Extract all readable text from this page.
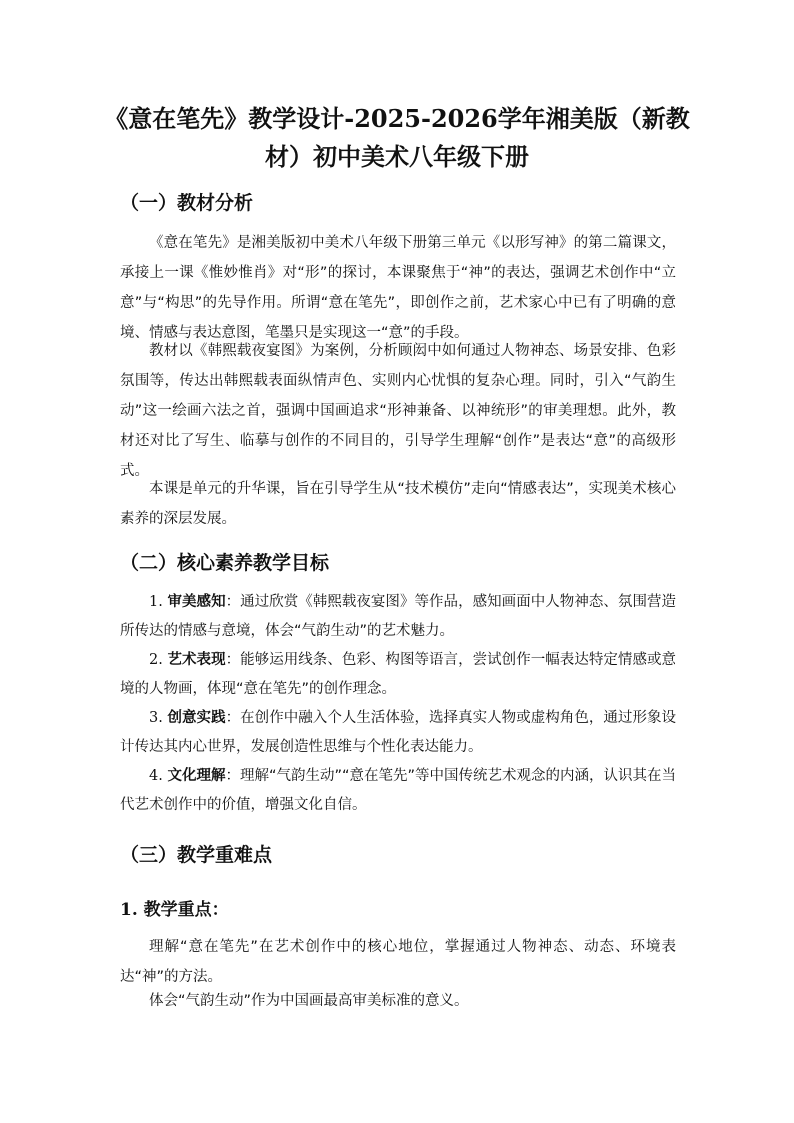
《意在笔先》教学设计-2025-2026学年湘美版（新教材）初中美术八年级下册
（一）教材分析
《意在笔先》是湘美版初中美术八年级下册第三单元《以形写神》的第二篇课文，承接上一课《惟妙惟肖》对“形”的探讨，本课聚焦于“神”的表达，强调艺术创作中“立意”与“构思”的先导作用。所谓“意在笔先”，即创作之前，艺术家心中已有了明确的意境、情感与表达意图，笔墨只是实现这一“意”的手段。
教材以《韩熙载夜宴图》为案例，分析顾闳中如何通过人物神态、场景安排、色彩氛围等，传达出韩熙载表面纵情声色、实则内心忧惧的复杂心理。同时，引入“气韵生动”这一绘画六法之首，强调中国画追求“形神兼备、以神统形”的审美理想。此外，教材还对比了写生、临摹与创作的不同目的，引导学生理解“创作”是表达“意”的高级形式。
本课是单元的升华课，旨在引导学生从“技术模仿”走向“情感表达”，实现美术核心素养的深层发展。
（二）核心素养教学目标
1. 审美感知：通过欣赏《韩熙载夜宴图》等作品，感知画面中人物神态、氛围营造所传达的情感与意境，体会“气韵生动”的艺术魅力。
2. 艺术表现：能够运用线条、色彩、构图等语言，尝试创作一幅表达特定情感或意境的人物画，体现“意在笔先”的创作理念。
3. 创意实践：在创作中融入个人生活体验，选择真实人物或虚构角色，通过形象设计传达其内心世界，发展创造性思维与个性化表达能力。
4. 文化理解：理解“气韵生动”“意在笔先”等中国传统艺术观念的内涵，认识其在当代艺术创作中的价值，增强文化自信。
（三）教学重难点
1. 教学重点：
理解“意在笔先”在艺术创作中的核心地位，掌握通过人物神态、动态、环境表达“神”的方法。
体会“气韵生动”作为中国画最高审美标准的意义。
